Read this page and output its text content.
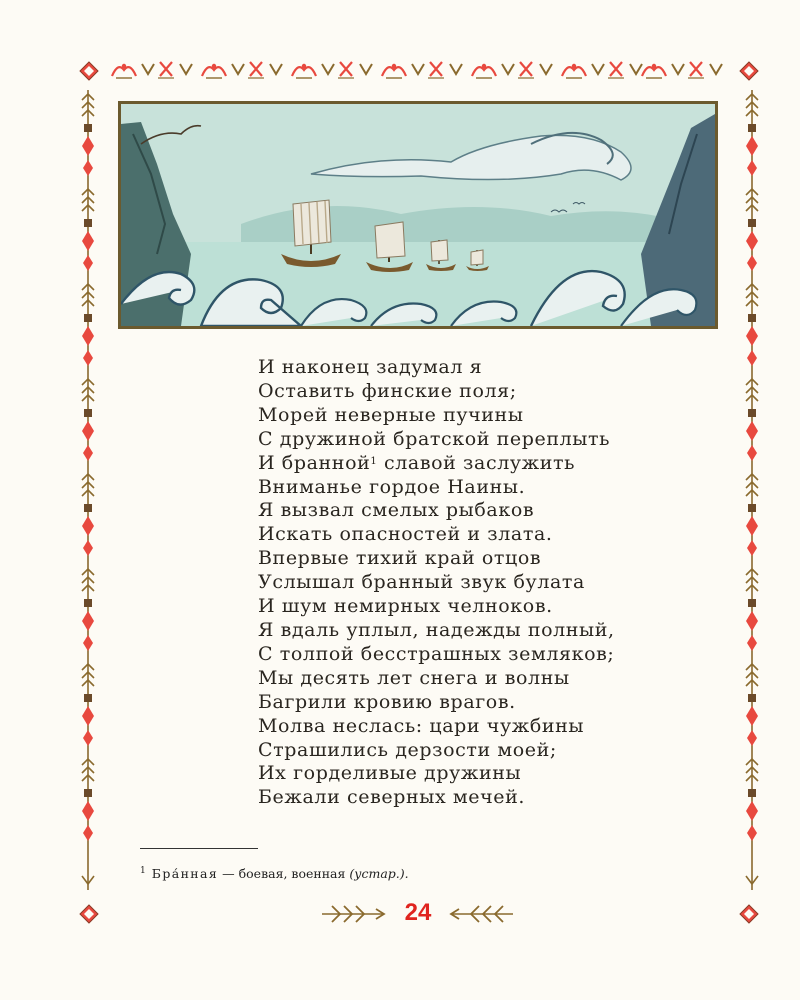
И наконец задумал я
Оставить финские поля;
Морей неверные пучины
С дружиной братской переплыть
И бранной$^1$ славой заслужить
Вниманье гордое Наины.
Я вызвал смелых рыбаков
Искать опасностей и злата.
Впервые тихий край отцов
Услышал бранный звук булата
И шум немирных челноков.
Я вдаль уплыл, надежды полный,
С толпой бесстрашных земляков;
Мы десять лет снега и волны
Багрили кровию врагов.
Молва неслась: цари чужбины
Страшились дерзости моей;
Их горделивые дружины
Бежали северных мечей.
$^1$ Бра́нная — боевая, военная (устар.).
24
